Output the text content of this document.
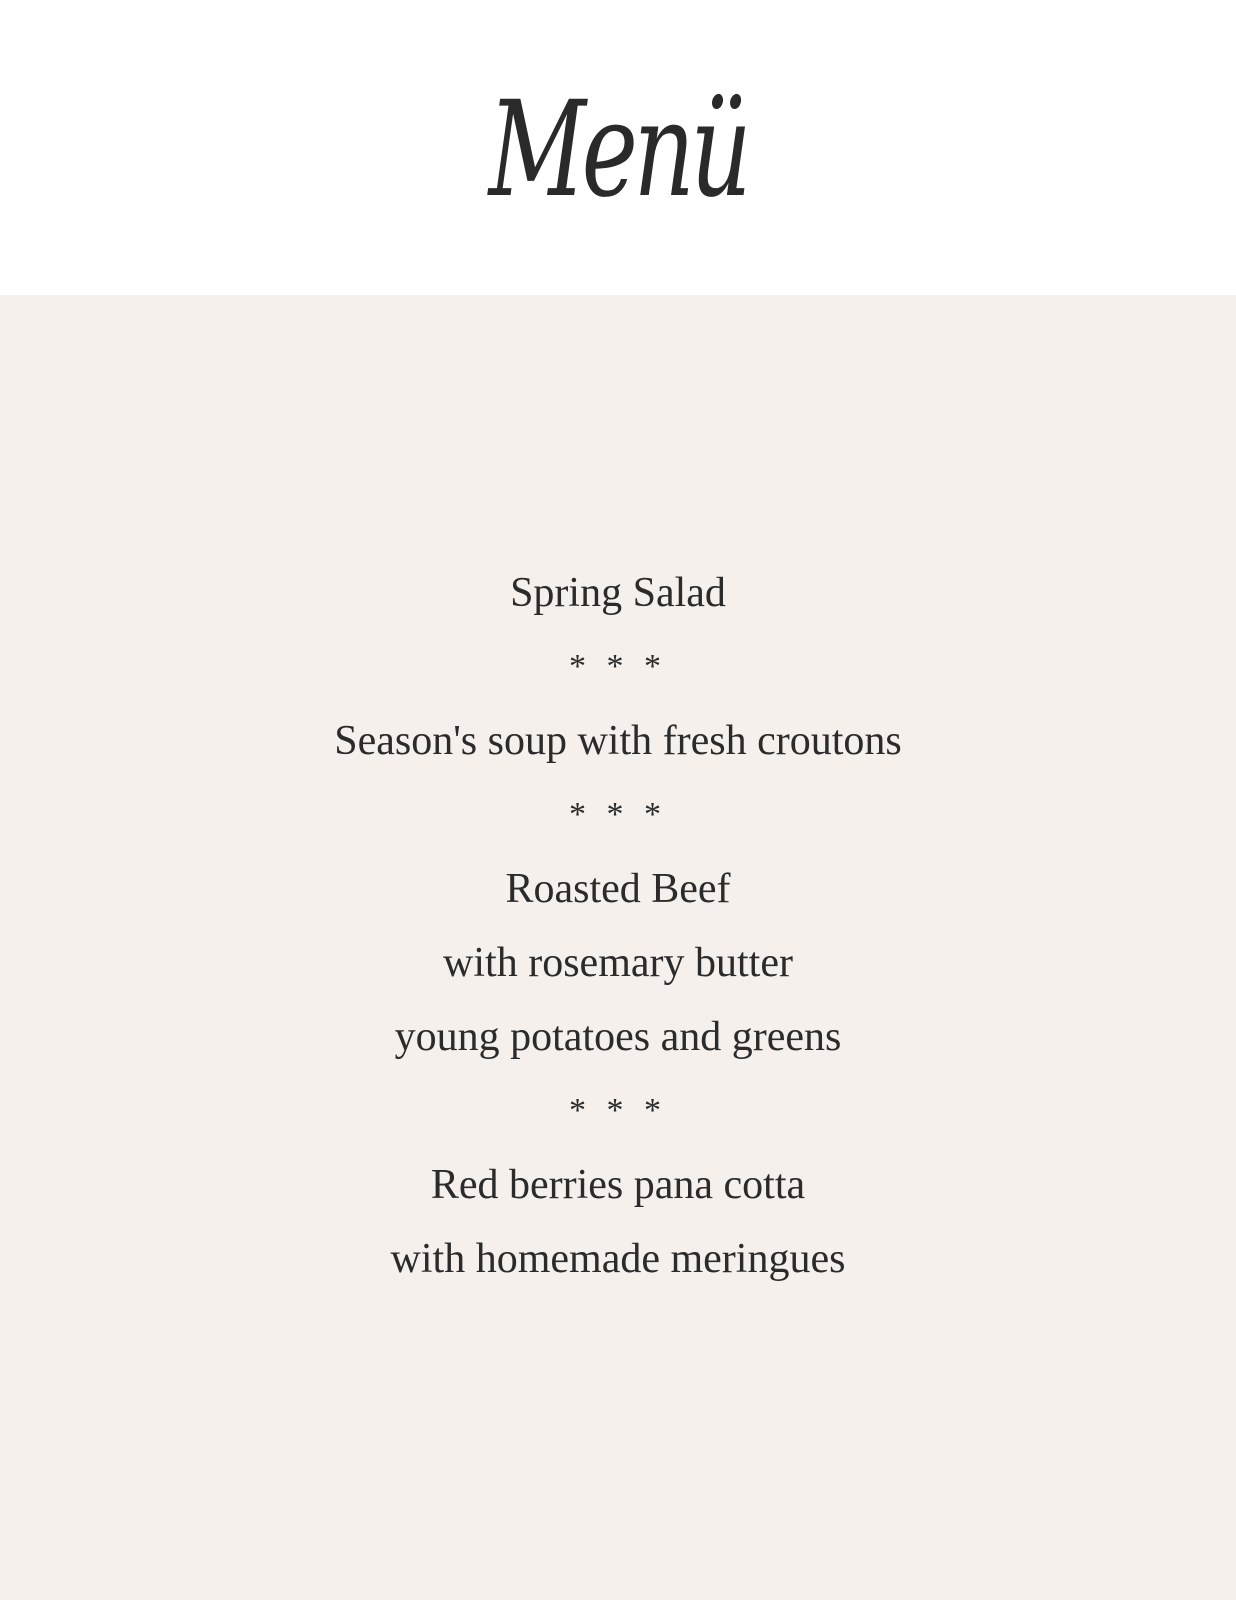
Menü
Spring Salad
* * *
Season's soup with fresh croutons
* * *
Roasted Beef
with rosemary butter
young potatoes and greens
* * *
Red berries pana cotta
with homemade meringues
